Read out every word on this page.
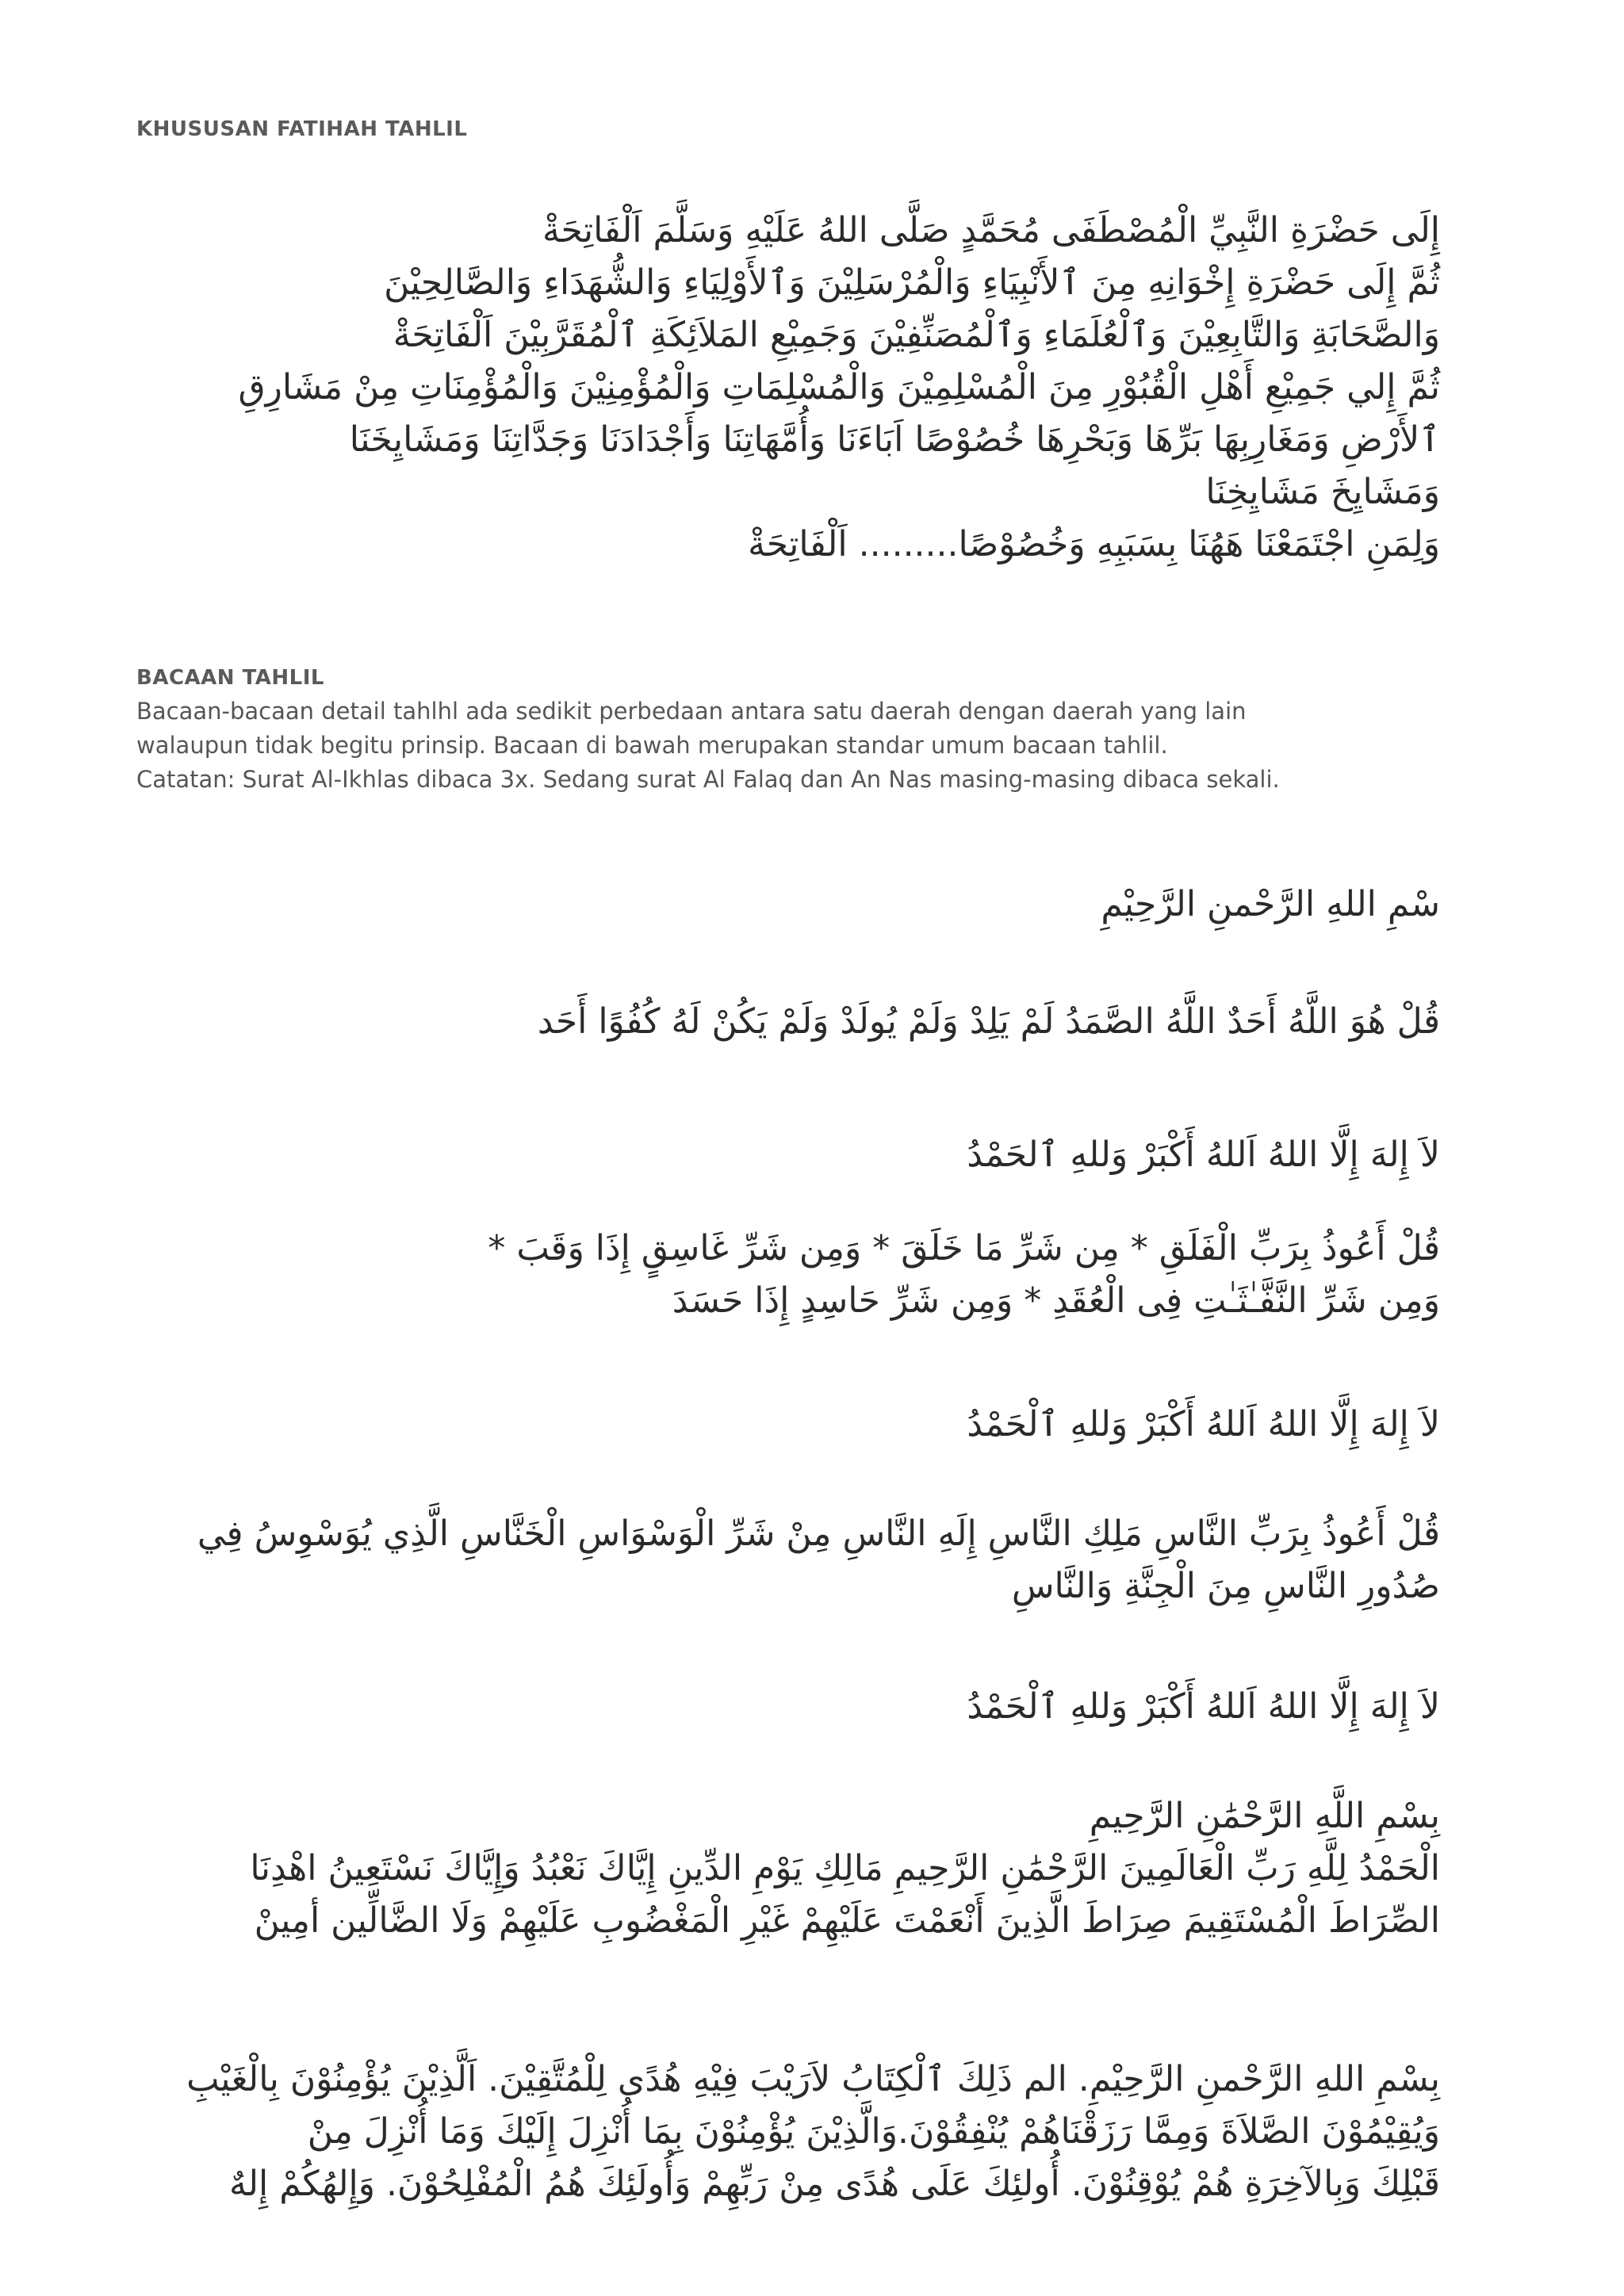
KHUSUSAN FATIHAH TAHLIL
إِلَى حَضْرَةِ النَّبِيِّ الْمُصْطَفَى مُحَمَّدٍ صَلَّى اللهُ عَلَيْهِ وَسَلَّمَ اَلْفَاتِحَةْ
ثُمَّ إِلَى حَضْرَةِ إِخْوَانِهِ مِنَ ٱلأَنْبِيَاءِ وَالْمُرْسَلِيْنَ وَٱلأَوْلِيَاءِ وَالشُّهَدَاءِ وَالصَّالِحِيْنَ
وَالصَّحَابَةِ وَالتَّابِعِيْنَ وَٱلْعُلَمَاءِ وَٱلْمُصَنِّفِيْنَ وَجَمِيْعِ المَلاَئِكَةِ ٱلْمُقَرَّبِيْنَ اَلْفَاتِحَةْ
ثُمَّ إِلي جَمِيْعِ أَهْلِ الْقُبُوْرِ مِنَ الْمُسْلِمِيْنَ وَالْمُسْلِمَاتِ وَالْمُؤْمِنِيْنَ وَالْمُؤْمِنَاتِ مِنْ مَشَارِقِ
ٱلأَرْضِ وَمَغَارِبِهَا بَرِّهَا وَبَحْرِهَا خُصُوْصًا اَبَاءَنَا وَأُمَّهَاتِنَا وَأَجْدَادَنَا وَجَدَّاتِنَا وَمَشَايِخَنَا
وَمَشَايِخَ مَشَايِخِنَا
وَلِمَنِ اجْتَمَعْنَا هَهُنَا بِسَبَبِهِ وَخُصُوْصًا......... اَلْفَاتِحَةْ
BACAAN TAHLIL
Bacaan-bacaan detail tahlhl ada sedikit perbedaan antara satu daerah dengan daerah yang lain
walaupun tidak begitu prinsip. Bacaan di bawah merupakan standar umum bacaan tahlil.
Catatan: Surat Al-Ikhlas dibaca 3x. Sedang surat Al Falaq dan An Nas masing-masing dibaca sekali.
سْمِ اللهِ الرَّحْمنِ الرَّحِيْمِ
قُلْ هُوَ اللَّهُ أَحَدٌ اللَّهُ الصَّمَدُ لَمْ يَلِدْ وَلَمْ يُولَدْ وَلَمْ يَكُنْ لَهُ كُفُوًا أَحَد
لاَ إِلهَ إِلَّا اللهُ اَللهُ أَكْبَرْ وَللهِ ٱلحَمْدُ
قُلْ أَعُوذُ بِرَبِّ الْفَلَقِ * مِن شَرِّ مَا خَلَقَ * وَمِن شَرِّ غَاسِقٍ إِذَا وَقَبَ *
وَمِن شَرِّ النَّفَّـٰثَـٰتِ فِى الْعُقَدِ * وَمِن شَرِّ حَاسِدٍ إِذَا حَسَدَ
لاَ إِلهَ إِلَّا اللهُ اَللهُ أَكْبَرْ وَللهِ ٱلْحَمْدُ
قُلْ أَعُوذُ بِرَبِّ النَّاسِ مَلِكِ النَّاسِ إِلَهِ النَّاسِ مِنْ شَرِّ الْوَسْوَاسِ الْخَنَّاسِ الَّذِي يُوَسْوِسُ فِي
صُدُورِ النَّاسِ مِنَ الْجِنَّةِ وَالنَّاسِ
لاَ إِلهَ إِلَّا اللهُ اَللهُ أَكْبَرْ وَللهِ ٱلْحَمْدُ
بِسْمِ اللَّهِ الرَّحْمَٰنِ الرَّحِيمِ
الْحَمْدُ لِلَّهِ رَبِّ الْعَالَمِينَ الرَّحْمَٰنِ الرَّحِيمِ مَالِكِ يَوْمِ الدِّينِ إِيَّاكَ نَعْبُدُ وَإِيَّاكَ نَسْتَعِينُ اهْدِنَا
الصِّرَاطَ الْمُسْتَقِيمَ صِرَاطَ الَّذِينَ أَنْعَمْتَ عَلَيْهِمْ غَيْرِ الْمَغْضُوبِ عَلَيْهِمْ وَلَا الضَّالِّين أمِينْ
بِسْمِ اللهِ الرَّحْمنِ الرَّحِيْمِ. الم ذَلِكَ ٱلْكِتَابُ لاَرَيْبَ فِيْهِ هُدًى لِلْمُتَّقِيْنَ. اَلَّذِيْنَ يُؤْمِنُوْنَ بِالْغَيْبِ
وَيُقِيْمُوْنَ الصَّلاَةَ وَمِمَّا رَزَقْنَاهُمْ يُنْفِقُوْنَ.وَالَّذِيْنَ يُؤْمِنُوْنَ بِمَا أُنْزِلَ إِلَيْكَ وَمَا أُنْزِلَ مِنْ
قَبْلِكَ وَبِالآخِرَةِ هُمْ يُوْقِنُوْنَ. أُولئِكَ عَلَى هُدًى مِنْ رَبِّهِمْ وَأُولَئِكَ هُمُ الْمُفْلِحُوْنَ. وَإِلهُكُمْ إِلهٌ
